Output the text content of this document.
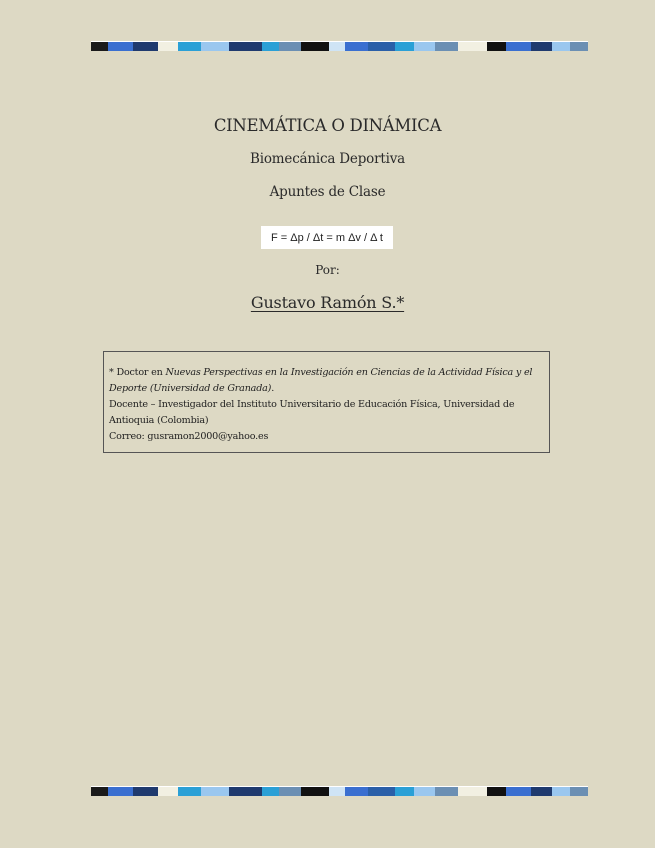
CINEMÁTICA O DINÁMICA
Biomecánica Deportiva
Apuntes de Clase
F = Δp / Δt = m Δv / Δ t
Por:
Gustavo Ramón S.*

* Doctor en Nuevas Perspectivas en la Investigación en Ciencias de la Actividad Física y el Deporte (Universidad de Granada).

Docente – Investigador del Instituto Universitario de Educación Física, Universidad de Antioquia (Colombia)

Correo: gusramon2000@yahoo.es
